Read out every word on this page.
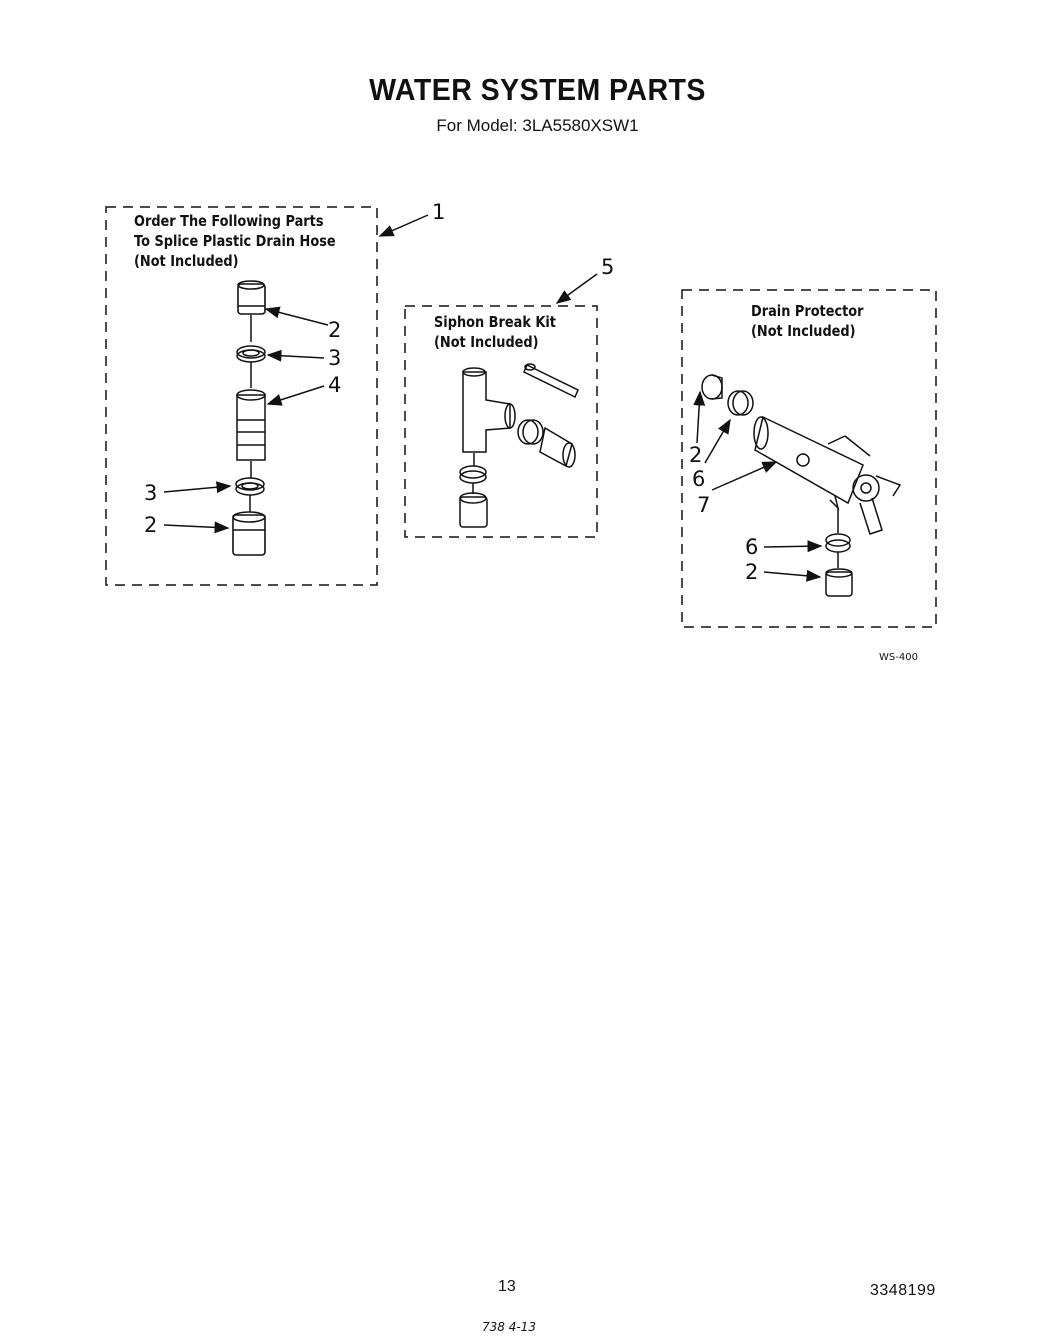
WATER SYSTEM PARTS
For Model: 3LA5580XSW1
Order The Following Parts
To Splice Plastic Drain Hose
(Not Included)
Siphon Break Kit
(Not Included)
Drain Protector
(Not Included)
1
2
3
4
3
2
5
2
6
7
6
2
WS-400
13	3348199
738 4-13
